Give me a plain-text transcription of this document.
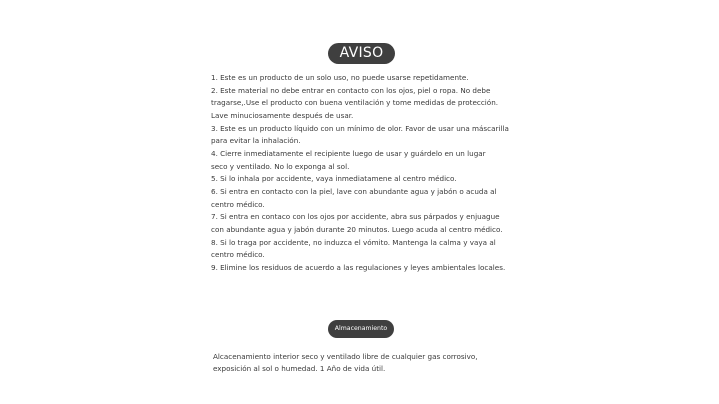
AVISO
1. Este es un producto de un solo uso, no puede usarse repetidamente.
2. Este material no debe entrar en contacto con los ojos, piel o ropa. No debe
tragarse,.Use el producto con buena ventilación y tome medidas de protección.
Lave minuciosamente después de usar.
3. Este es un producto líquido con un mínimo de olor. Favor de usar una máscarilla
para evitar la inhalación.
4. Cierre inmediatamente el recipiente luego de usar y guárdelo en un lugar
seco y ventilado. No lo exponga al sol.
5. Si lo inhala por accidente, vaya inmediatamene al centro médico.
6. Si entra en contacto con la piel, lave con abundante agua y jabón o acuda al
centro médico.
7. Si entra en contaco con los ojos por accidente, abra sus párpados y enjuague
con abundante agua y jabón durante 20 minutos. Luego acuda al centro médico.
8. Si lo traga por accidente, no induzca el vómito. Mantenga la calma y vaya al
centro médico.
9. Elimine los residuos de acuerdo a las regulaciones y leyes ambientales locales.
Almacenamiento
Alcacenamiento interior seco y ventilado libre de cualquier gas corrosivo,
exposición al sol o humedad. 1 Año de vida útil.
